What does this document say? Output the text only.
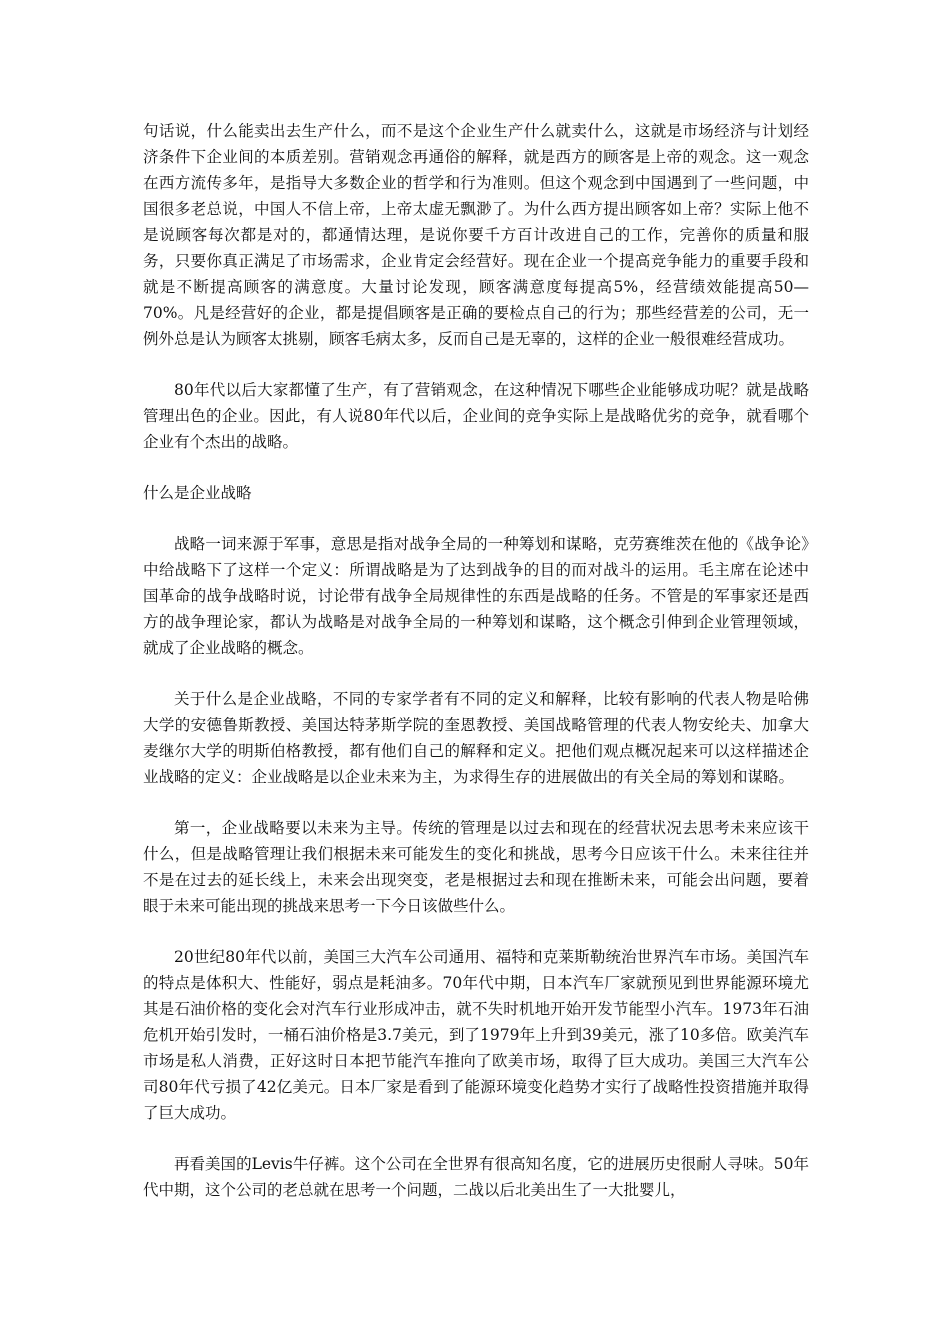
句话说，什么能卖出去生产什么，而不是这个企业生产什么就卖什么，这就是市场经济与计划经济条件下企业间的本质差别。营销观念再通俗的解释，就是西方的顾客是上帝的观念。这一观念在西方流传多年，是指导大多数企业的哲学和行为准则。但这个观念到中国遇到了一些问题，中国很多老总说，中国人不信上帝，上帝太虚无飘渺了。为什么西方提出顾客如上帝？实际上他不是说顾客每次都是对的，都通情达理，是说你要千方百计改进自己的工作，完善你的质量和服务，只要你真正满足了市场需求，企业肯定会经营好。现在企业一个提高竞争能力的重要手段和就是不断提高顾客的满意度。大量讨论发现，顾客满意度每提高5%，经营绩效能提高50—70%。凡是经营好的企业，都是提倡顾客是正确的要检点自己的行为；那些经营差的公司，无一例外总是认为顾客太挑剔，顾客毛病太多，反而自己是无辜的，这样的企业一般很难经营成功。

80年代以后大家都懂了生产，有了营销观念，在这种情况下哪些企业能够成功呢？就是战略管理出色的企业。因此，有人说80年代以后，企业间的竞争实际上是战略优劣的竞争，就看哪个企业有个杰出的战略。

什么是企业战略

战略一词来源于军事，意思是指对战争全局的一种筹划和谋略，克劳赛维茨在他的《战争论》中给战略下了这样一个定义：所谓战略是为了达到战争的目的而对战斗的运用。毛主席在论述中国革命的战争战略时说，讨论带有战争全局规律性的东西是战略的任务。不管是的军事家还是西方的战争理论家，都认为战略是对战争全局的一种筹划和谋略，这个概念引伸到企业管理领域，就成了企业战略的概念。

关于什么是企业战略，不同的专家学者有不同的定义和解释，比较有影响的代表人物是哈佛大学的安德鲁斯教授、美国达特茅斯学院的奎恩教授、美国战略管理的代表人物安纶夫、加拿大麦继尔大学的明斯伯格教授，都有他们自己的解释和定义。把他们观点概况起来可以这样描述企业战略的定义：企业战略是以企业未来为主，为求得生存的进展做出的有关全局的筹划和谋略。

第一，企业战略要以未来为主导。传统的管理是以过去和现在的经营状况去思考未来应该干什么，但是战略管理让我们根据未来可能发生的变化和挑战，思考今日应该干什么。未来往往并不是在过去的延长线上，未来会出现突变，老是根据过去和现在推断未来，可能会出问题，要着眼于未来可能出现的挑战来思考一下今日该做些什么。

20世纪80年代以前，美国三大汽车公司通用、福特和克莱斯勒统治世界汽车市场。美国汽车的特点是体积大、性能好，弱点是耗油多。70年代中期，日本汽车厂家就预见到世界能源环境尤其是石油价格的变化会对汽车行业形成冲击，就不失时机地开始开发节能型小汽车。1973年石油危机开始引发时，一桶石油价格是3.7美元，到了1979年上升到39美元，涨了10多倍。欧美汽车市场是私人消费，正好这时日本把节能汽车推向了欧美市场，取得了巨大成功。美国三大汽车公司80年代亏损了42亿美元。日本厂家是看到了能源环境变化趋势才实行了战略性投资措施并取得了巨大成功。

再看美国的Levis牛仔裤。这个公司在全世界有很高知名度，它的进展历史很耐人寻味。50年代中期，这个公司的老总就在思考一个问题，二战以后北美出生了一大批婴儿，
